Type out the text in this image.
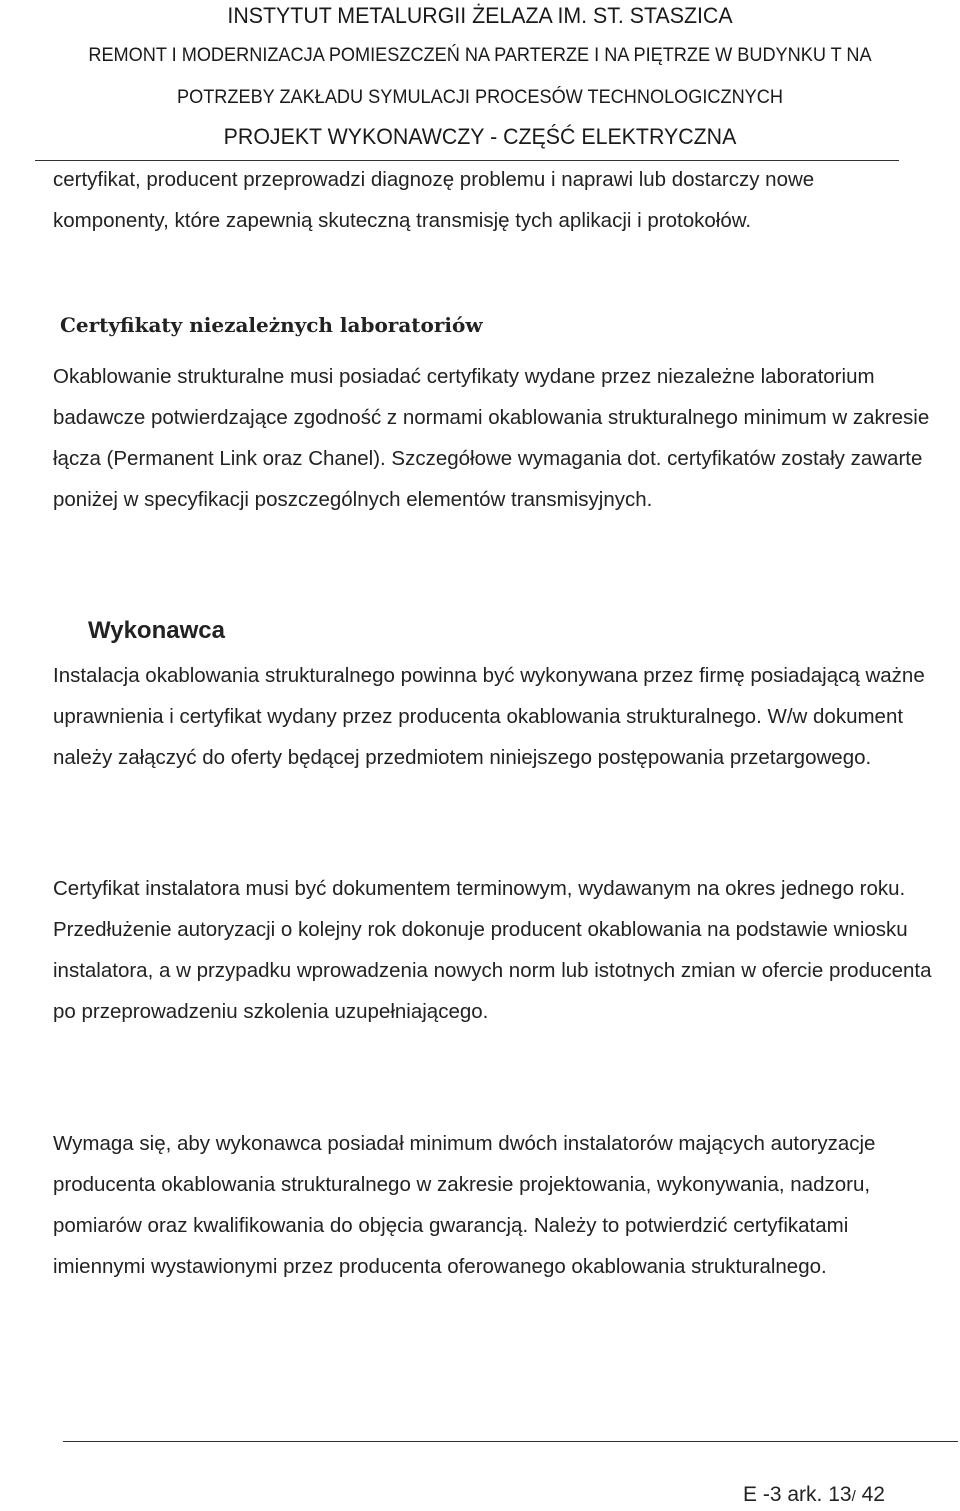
INSTYTUT METALURGII ŻELAZA IM. ST. STASZICA
REMONT I MODERNIZACJA POMIESZCZEŃ NA PARTERZE I NA PIĘTRZE W BUDYNKU T NA
POTRZEBY ZAKŁADU SYMULACJI PROCESÓW TECHNOLOGICZNYCH
PROJEKT WYKONAWCZY - CZĘŚĆ ELEKTRYCZNA

certyfikat, producent przeprowadzi diagnozę problemu i naprawi lub dostarczy nowe komponenty, które zapewnią skuteczną transmisję tych aplikacji i protokołów.

Certyfikaty niezależnych laboratoriów

Okablowanie strukturalne musi posiadać certyfikaty wydane przez niezależne laboratorium badawcze potwierdzające zgodność z normami okablowania strukturalnego minimum w zakresie łącza (Permanent Link oraz Chanel). Szczegółowe wymagania dot. certyfikatów zostały zawarte poniżej w specyfikacji poszczególnych elementów transmisyjnych.

Wykonawca

Instalacja okablowania strukturalnego powinna być wykonywana przez firmę posiadającą ważne uprawnienia i certyfikat wydany przez producenta okablowania strukturalnego. W/w dokument należy załączyć do oferty będącej przedmiotem niniejszego postępowania przetargowego.

Certyfikat instalatora musi być dokumentem terminowym, wydawanym na okres jednego roku. Przedłużenie autoryzacji o kolejny rok dokonuje producent okablowania na podstawie wniosku instalatora, a w przypadku wprowadzenia nowych norm lub istotnych zmian w ofercie producenta po przeprowadzeniu szkolenia uzupełniającego.

Wymaga się, aby wykonawca posiadał minimum dwóch instalatorów mających autoryzacje producenta okablowania strukturalnego w zakresie projektowania, wykonywania, nadzoru, pomiarów oraz kwalifikowania do objęcia gwarancją. Należy to potwierdzić certyfikatami imiennymi wystawionymi przez producenta oferowanego okablowania strukturalnego.

E -3 ark. 13/ 42
